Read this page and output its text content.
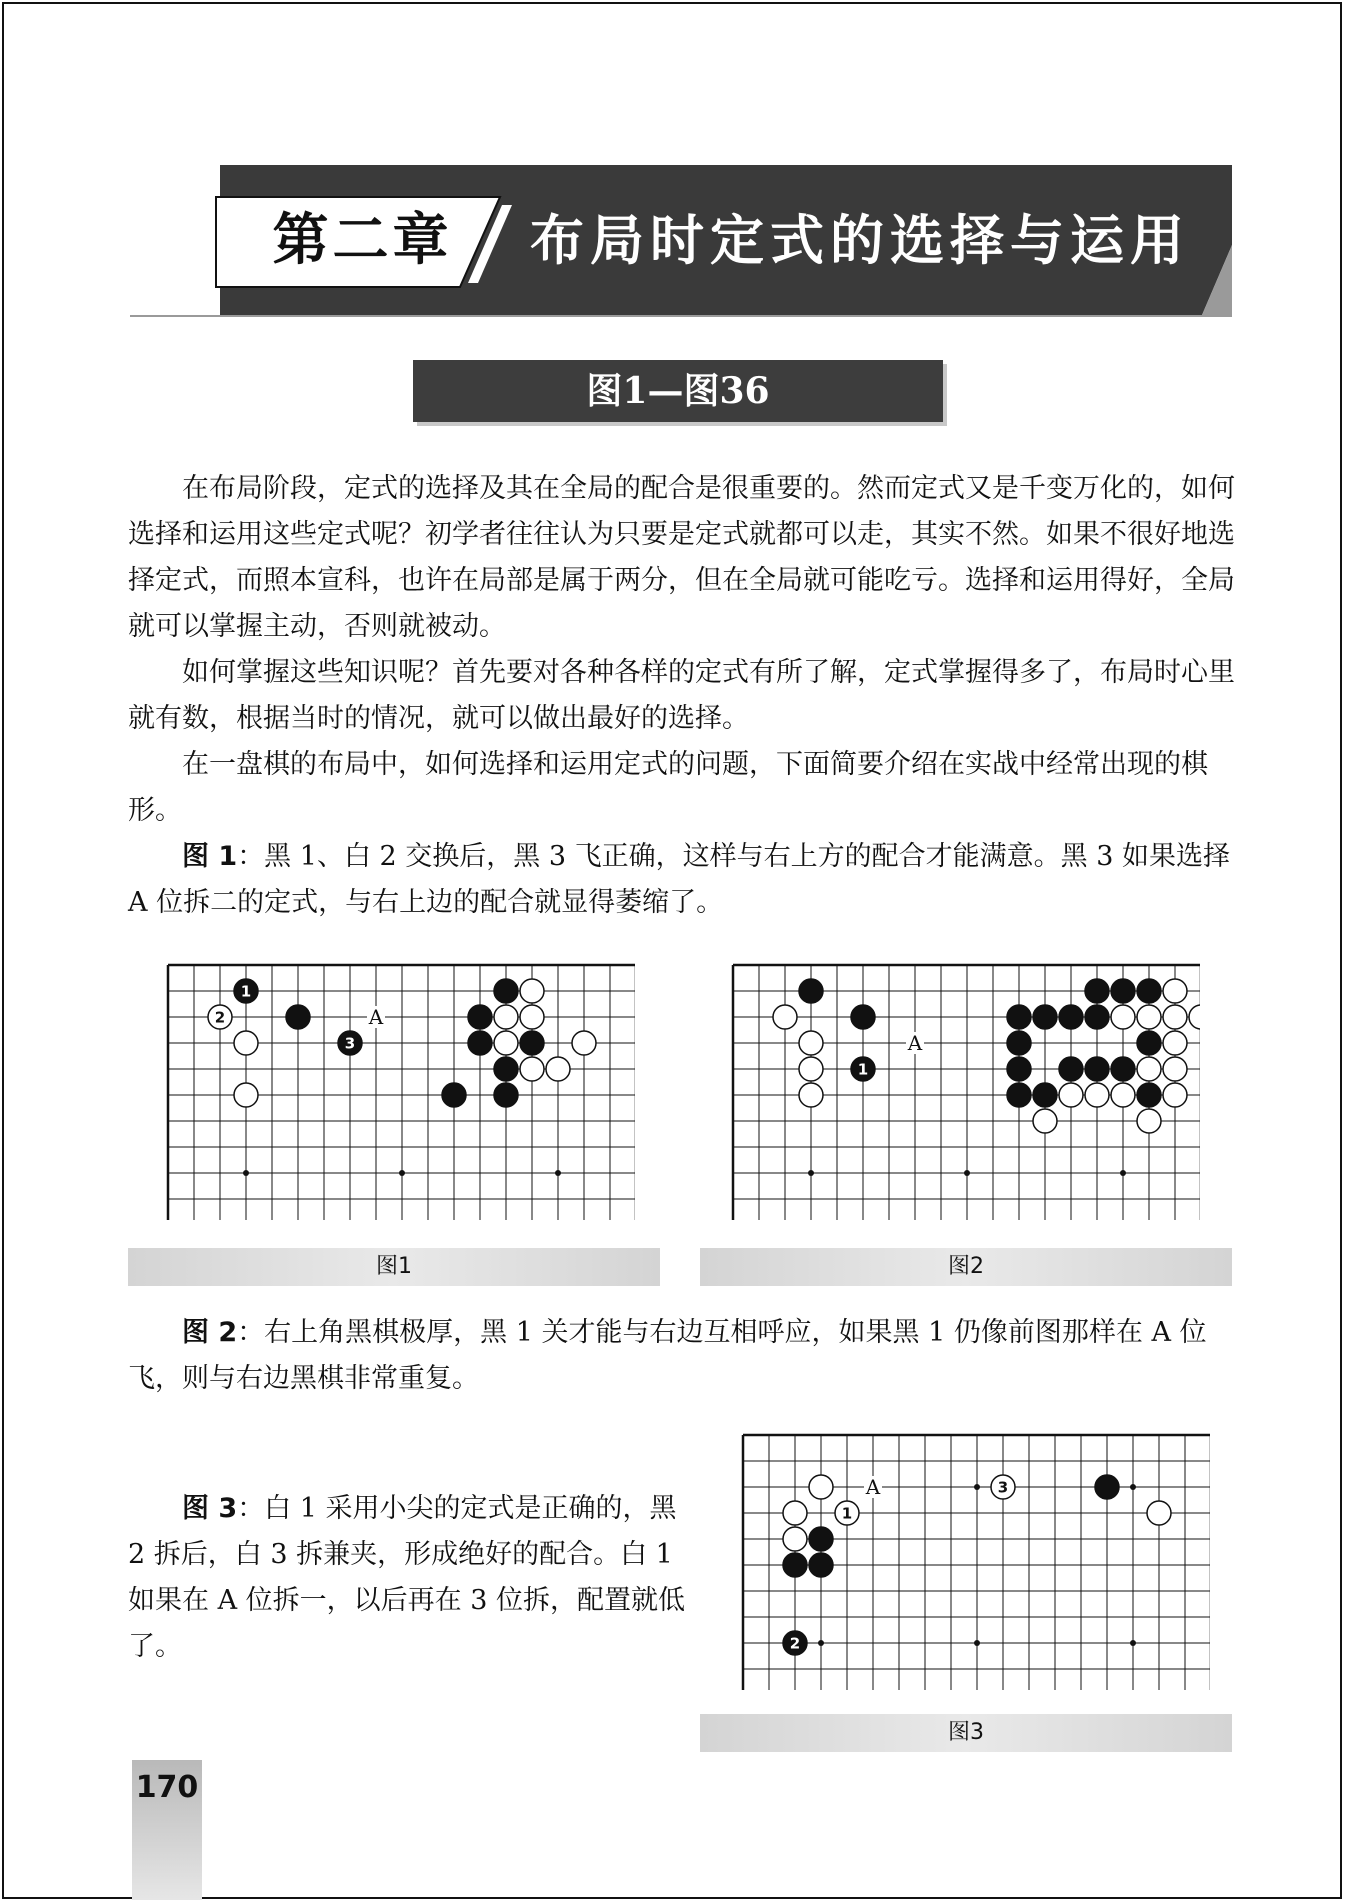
第二章	布局时定式的选择与运用
图1—图36

在布局阶段，定式的选择及其在全局的配合是很重要的。然而定式又是千变万化的，如何选择和运用这些定式呢？初学者往往认为只要是定式就都可以走，其实不然。如果不很好地选择定式，而照本宣科，也许在局部是属于两分，但在全局就可能吃亏。选择和运用得好，全局就可以掌握主动，否则就被动。

如何掌握这些知识呢？首先要对各种各样的定式有所了解，定式掌握得多了，布局时心里就有数，根据当时的情况，就可以做出最好的选择。

在一盘棋的布局中，如何选择和运用定式的问题，下面简要介绍在实战中经常出现的棋形。

图 1：黑 1、白 2 交换后，黑 3 飞正确，这样与右上方的配合才能满意。黑 3 如果选择 A 位拆二的定式，与右上边的配合就显得萎缩了。

A
1
2
3
图1
A
1
图2

图 2：右上角黑棋极厚，黑 1 关才能与右边互相呼应，如果黑 1 仍像前图那样在 A 位飞，则与右边黑棋非常重复。

A
1
3
2
图3

图 3：白 1 采用小尖的定式是正确的，黑 2 拆后，白 3 拆兼夹，形成绝好的配合。白 1 如果在 A 位拆一，以后再在 3 位拆，配置就低了。

170
